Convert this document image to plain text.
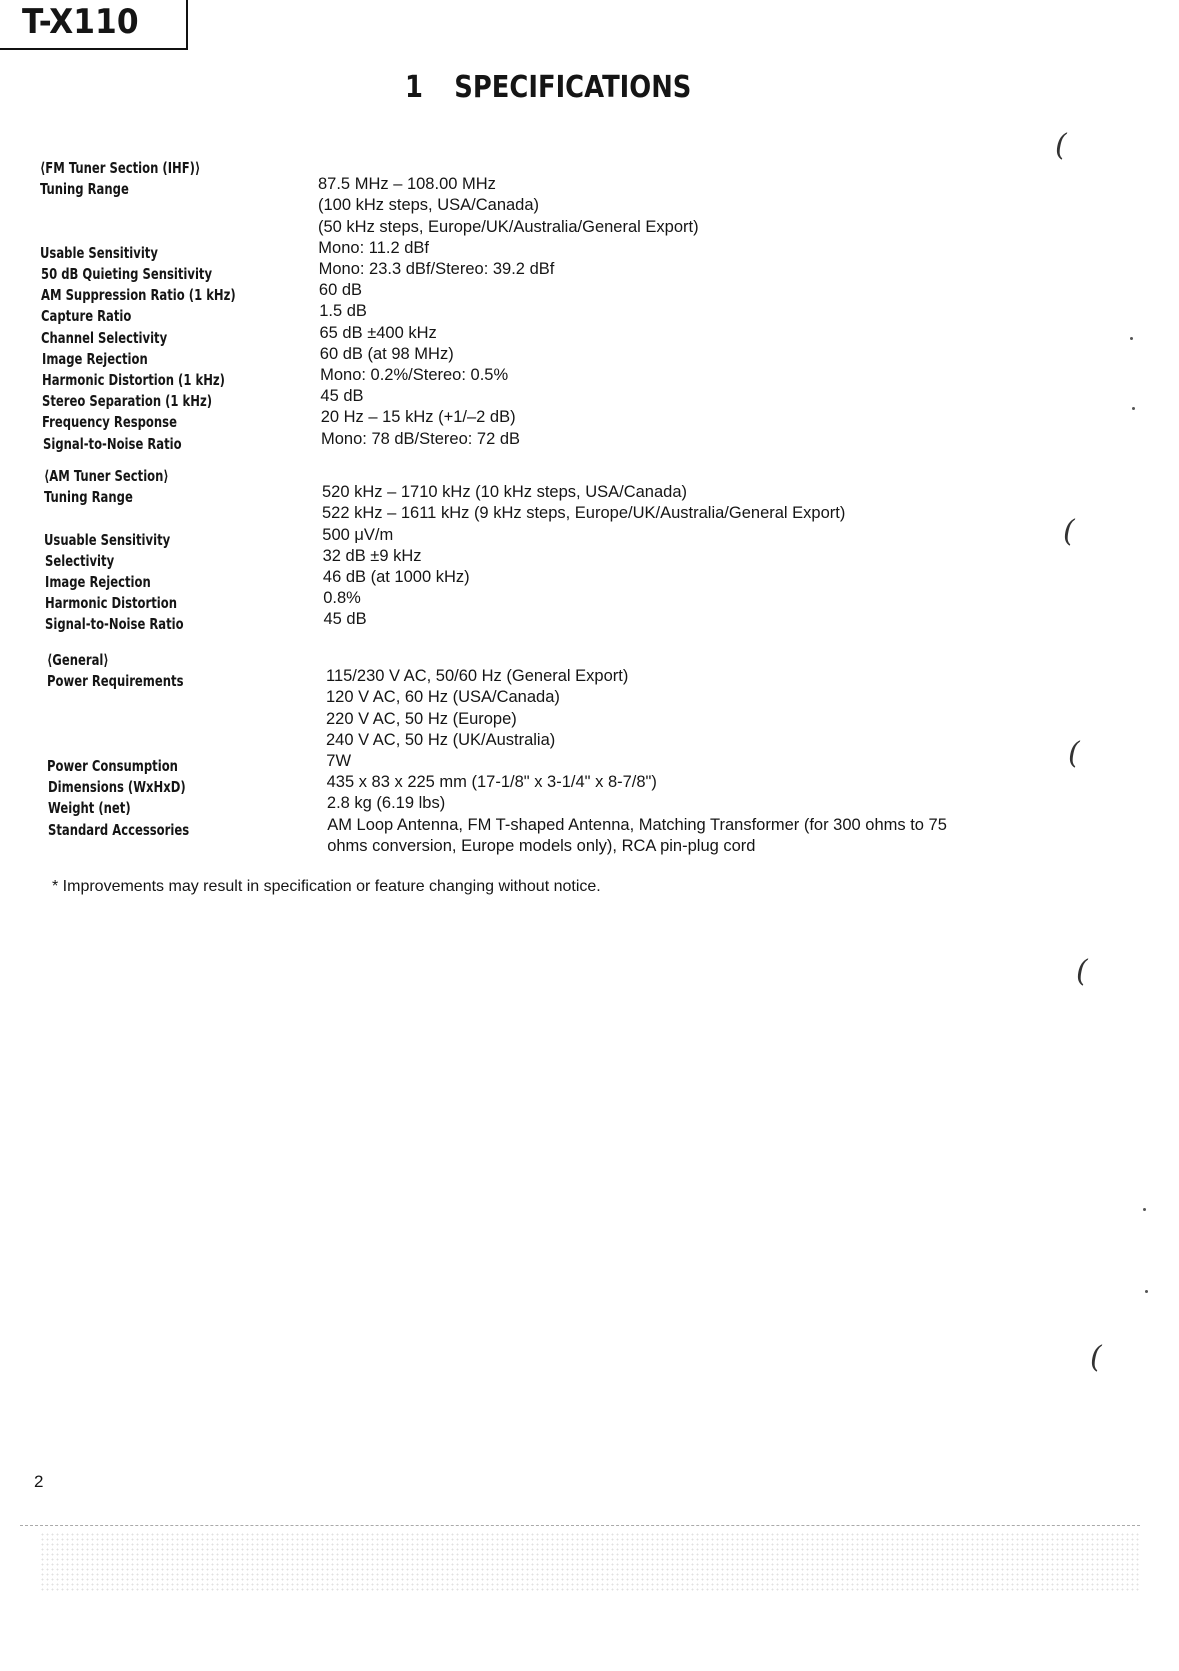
T-X110
1 SPECIFICATIONS
⟨FM Tuner Section (IHF)⟩
Tuning Range	87.5 MHz – 108.00 MHz
(100 kHz steps, USA/Canada)
(50 kHz steps, Europe/UK/Australia/General Export)
Usable Sensitivity	Mono: 11.2 dBf
50 dB Quieting Sensitivity	Mono: 23.3 dBf/Stereo: 39.2 dBf
AM Suppression Ratio (1 kHz)	60 dB
Capture Ratio	1.5 dB
Channel Selectivity	65 dB ±400 kHz
Image Rejection	60 dB (at 98 MHz)
Harmonic Distortion (1 kHz)	Mono: 0.2%/Stereo: 0.5%
Stereo Separation (1 kHz)	45 dB
Frequency Response	20 Hz – 15 kHz (+1/–2 dB)
Signal-to-Noise Ratio	Mono: 78 dB/Stereo: 72 dB
⟨AM Tuner Section⟩
Tuning Range	520 kHz – 1710 kHz (10 kHz steps, USA/Canada)
522 kHz – 1611 kHz (9 kHz steps, Europe/UK/Australia/General Export)
Usuable Sensitivity	500 μV/m
Selectivity	32 dB ±9 kHz
Image Rejection	46 dB (at 1000 kHz)
Harmonic Distortion	0.8%
Signal-to-Noise Ratio	45 dB
⟨General⟩
Power Requirements	115/230 V AC, 50/60 Hz (General Export)
120 V AC, 60 Hz (USA/Canada)
220 V AC, 50 Hz (Europe)
240 V AC, 50 Hz (UK/Australia)
Power Consumption	7W
Dimensions (WxHxD)	435 x 83 x 225 mm (17-1/8" x 3-1/4" x 8-7/8")
Weight (net)	2.8 kg (6.19 lbs)
Standard Accessories	AM Loop Antenna, FM T-shaped Antenna, Matching Transformer (for 300 ohms to 75
ohms conversion, Europe models only), RCA pin-plug cord
* Improvements may result in specification or feature changing without notice.
2
(
(
(
(
(
